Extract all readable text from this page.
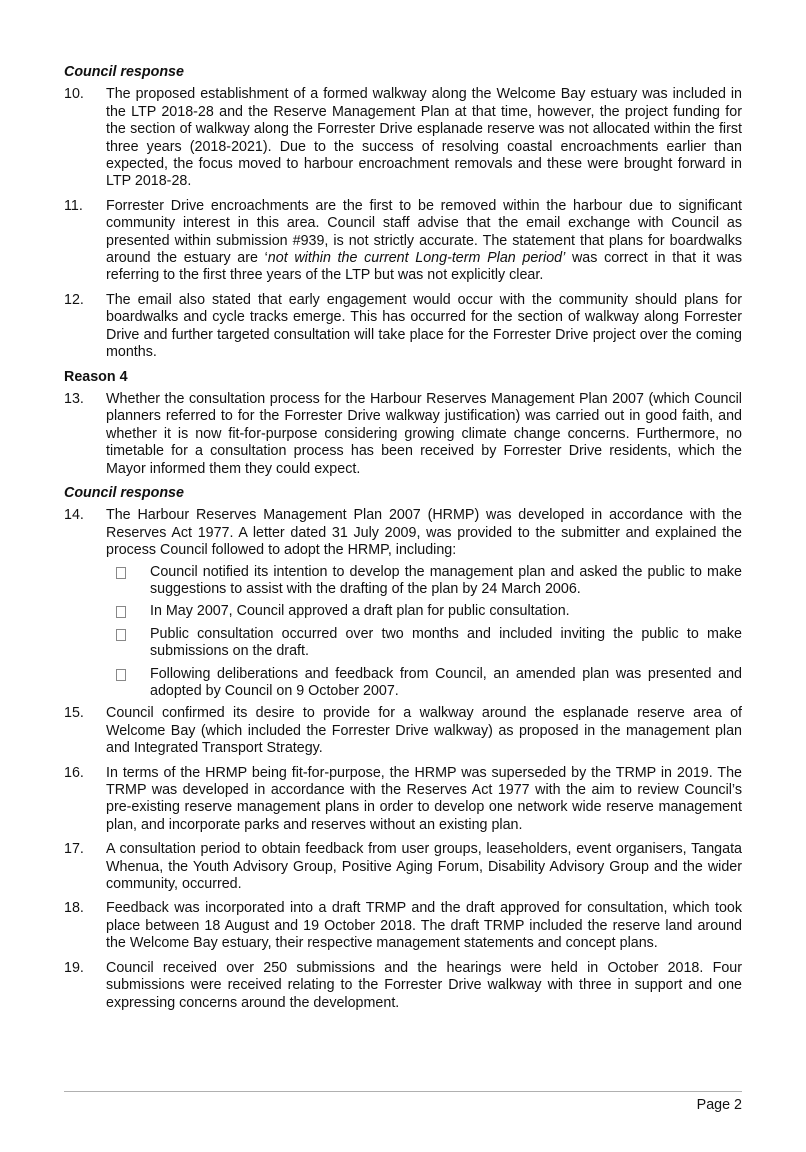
Council response

10.	The proposed establishment of a formed walkway along the Welcome Bay estuary was included in the LTP 2018-28 and the Reserve Management Plan at that time, however, the project funding for the section of walkway along the Forrester Drive esplanade reserve was not allocated within the first three years (2018-2021). Due to the success of resolving coastal encroachments earlier than expected, the focus moved to harbour encroachment removals and these were brought forward in LTP 2018-28.
11.	Forrester Drive encroachments are the first to be removed within the harbour due to significant community interest in this area. Council staff advise that the email exchange with Council as presented within submission #939, is not strictly accurate. The statement that plans for boardwalks around the estuary are ‘not within the current Long-term Plan period’ was correct in that it was referring to the first three years of the LTP but was not explicitly clear.
12.	The email also stated that early engagement would occur with the community should plans for boardwalks and cycle tracks emerge. This has occurred for the section of walkway along Forrester Drive and further targeted consultation will take place for the Forrester Drive project over the coming months.

Reason 4

13.	Whether the consultation process for the Harbour Reserves Management Plan 2007 (which Council planners referred to for the Forrester Drive walkway justification) was carried out in good faith, and whether it is now fit-for-purpose considering growing climate change concerns. Furthermore, no timetable for a consultation process has been received by Forrester Drive residents, which the Mayor informed them they could expect.

Council response

14.	The Harbour Reserves Management Plan 2007 (HRMP) was developed in accordance with the Reserves Act 1977. A letter dated 31 July 2009, was provided to the submitter and explained the process Council followed to adopt the HRMP, including:
Council notified its intention to develop the management plan and asked the public to make suggestions to assist with the drafting of the plan by 24 March 2006.
In May 2007, Council approved a draft plan for public consultation.
Public consultation occurred over two months and included inviting the public to make submissions on the draft.
Following deliberations and feedback from Council, an amended plan was presented and adopted by Council on 9 October 2007.
15.	Council confirmed its desire to provide for a walkway around the esplanade reserve area of Welcome Bay (which included the Forrester Drive walkway) as proposed in the management plan and Integrated Transport Strategy.
16.	In terms of the HRMP being fit-for-purpose, the HRMP was superseded by the TRMP in 2019. The TRMP was developed in accordance with the Reserves Act 1977 with the aim to review Council’s pre-existing reserve management plans in order to develop one network wide reserve management plan, and incorporate parks and reserves without an existing plan.
17.	A consultation period to obtain feedback from user groups, leaseholders, event organisers, Tangata Whenua, the Youth Advisory Group, Positive Aging Forum, Disability Advisory Group and the wider community, occurred.
18.	Feedback was incorporated into a draft TRMP and the draft approved for consultation, which took place between 18 August and 19 October 2018. The draft TRMP included the reserve land around the Welcome Bay estuary, their respective management statements and concept plans.
19.	Council received over 250 submissions and the hearings were held in October 2018. Four submissions were received relating to the Forrester Drive walkway with three in support and one expressing concerns around the development.
Page 2
